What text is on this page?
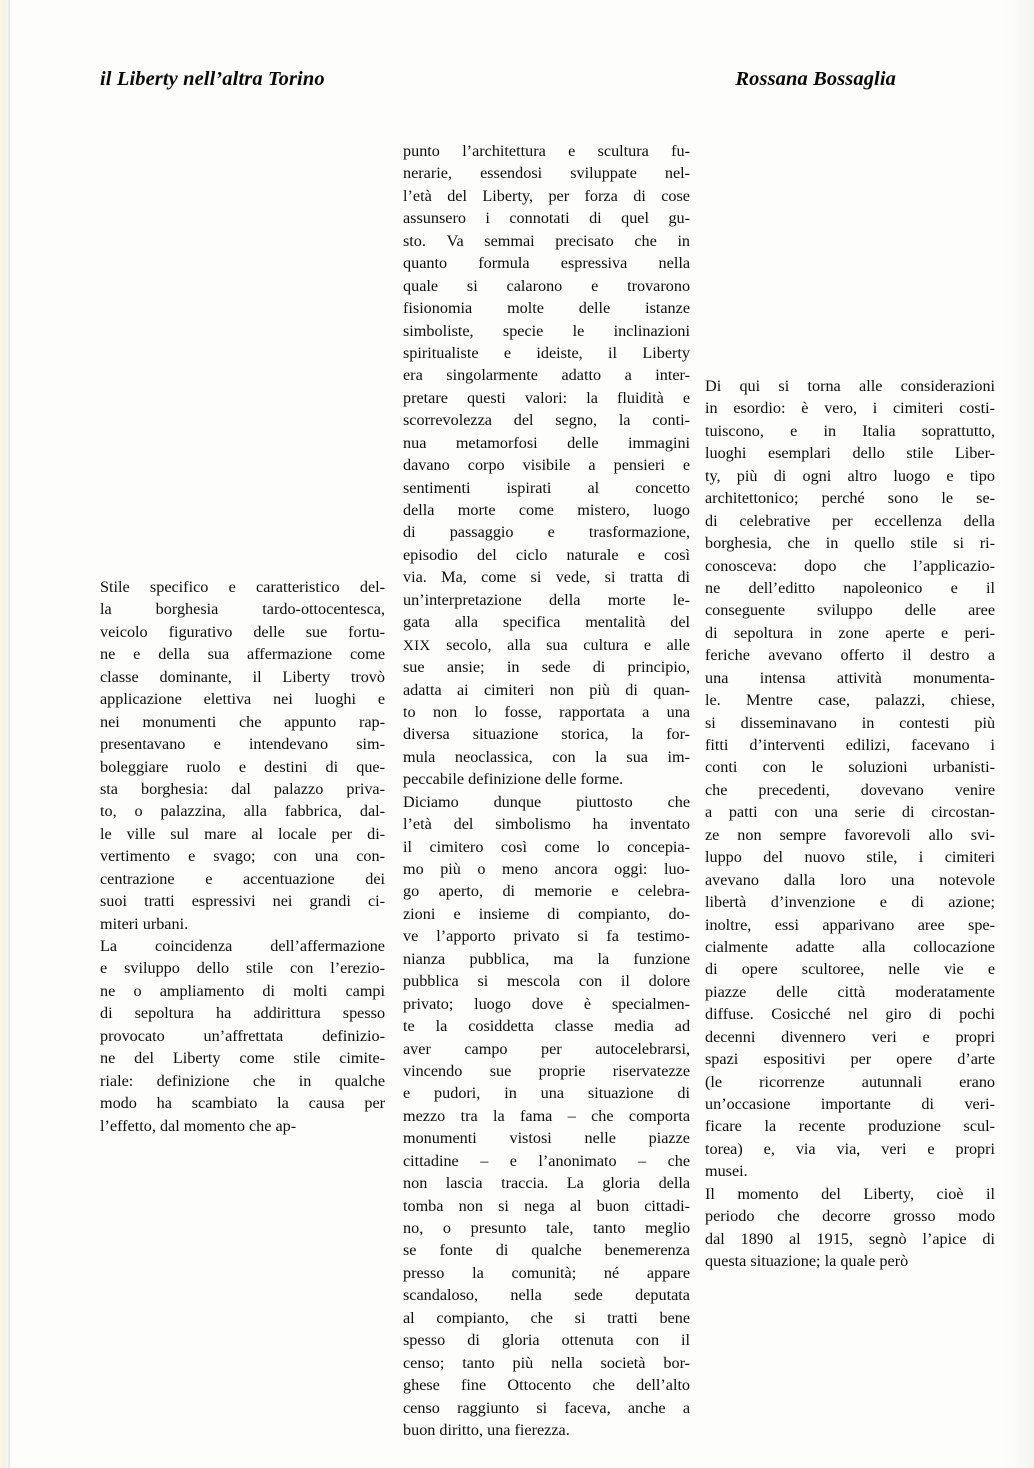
il Liberty nell’altra Torino	Rossana Bossaglia
Stile specifico e caratteristico del-
la	borghesia	tardo-ottocentesca,
veicolo figurativo delle sue fortu-
ne e della sua affermazione come
classe dominante, il Liberty trovò
applicazione elettiva nei luoghi e
nei monumenti che appunto rap-
presentavano e intendevano sim-
boleggiare ruolo e destini di que-
sta borghesia: dal palazzo priva-
to, o palazzina, alla fabbrica, dal-
le ville sul mare al locale per di-
vertimento e svago; con una con-
centrazione e accentuazione dei
suoi tratti espressivi nei grandi ci-
miteri urbani.
La coincidenza dell’affermazione
e sviluppo dello stile con l’erezio-
ne o ampliamento di molti campi
di sepoltura ha addirittura spesso
provocato un’affrettata definizio-
ne del Liberty come stile cimite-
riale: definizione che in qualche
modo ha scambiato la causa per
l’effetto, dal momento che ap-
punto l’architettura e scultura fu-
nerarie, essendosi sviluppate nel-
l’età del Liberty, per forza di cose
assunsero i connotati di quel gu-
sto. Va semmai precisato che in
quanto formula espressiva nella
quale si calarono e trovarono
fisionomia molte delle istanze
simboliste, specie le inclinazioni
spiritualiste e ideiste, il Liberty
era singolarmente adatto a inter-
pretare questi valori: la fluidità e
scorrevolezza del segno, la conti-
nua metamorfosi delle immagini
davano corpo visibile a pensieri e
sentimenti ispirati al concetto
della morte come mistero, luogo
di passaggio e trasformazione,
episodio del ciclo naturale e così
via. Ma, come si vede, si tratta di
un’interpretazione della morte le-
gata alla specifica mentalità del
XIX secolo, alla sua cultura e alle
sue ansie; in sede di principio,
adatta ai cimiteri non più di quan-
to non lo fosse, rapportata a una
diversa situazione storica, la for-
mula neoclassica, con la sua im-
peccabile definizione delle forme.
Diciamo dunque piuttosto che
l’età del simbolismo ha inventato
il cimitero così come lo concepia-
mo più o meno ancora oggi: luo-
go aperto, di memorie e celebra-
zioni e insieme di compianto, do-
ve l’apporto privato si fa testimo-
nianza pubblica, ma la funzione
pubblica si mescola con il dolore
privato; luogo dove è specialmen-
te la cosiddetta classe media ad
aver campo per autocelebrarsi,
vincendo sue proprie riservatezze
e pudori, in una situazione di
mezzo tra la fama – che comporta
monumenti vistosi nelle piazze
cittadine – e l’anonimato – che
non lascia traccia. La gloria della
tomba non si nega al buon cittadi-
no, o presunto tale, tanto meglio
se fonte di qualche benemerenza
presso la comunità; né appare
scandaloso, nella sede deputata
al compianto, che si tratti bene
spesso di gloria ottenuta con il
censo; tanto più nella società bor-
ghese fine Ottocento che dell’alto
censo raggiunto si faceva, anche a
buon diritto, una fierezza.
Di qui si torna alle considerazioni
in esordio: è vero, i cimiteri costi-
tuiscono, e in Italia soprattutto,
luoghi esemplari dello stile Liber-
ty, più di ogni altro luogo e tipo
architettonico; perché sono le se-
di celebrative per eccellenza della
borghesia, che in quello stile si ri-
conosceva: dopo che l’applicazio-
ne dell’editto napoleonico e il
conseguente sviluppo delle aree
di sepoltura in zone aperte e peri-
feriche avevano offerto il destro a
una intensa attività monumenta-
le. Mentre case, palazzi, chiese,
si disseminavano in contesti più
fitti d’interventi edilizi, facevano i
conti con le soluzioni urbanisti-
che precedenti, dovevano venire
a patti con una serie di circostan-
ze non sempre favorevoli allo svi-
luppo del nuovo stile, i cimiteri
avevano dalla loro una notevole
libertà d’invenzione e di azione;
inoltre, essi apparivano aree spe-
cialmente adatte alla collocazione
di opere scultoree, nelle vie e
piazze delle città moderatamente
diffuse. Cosicché nel giro di pochi
decenni divennero veri e propri
spazi espositivi per opere d’arte
(le ricorrenze autunnali erano
un’occasione importante di veri-
ficare la recente produzione scul-
torea) e, via via, veri e propri
musei.
Il momento del Liberty, cioè il
periodo che decorre grosso modo
dal 1890 al 1915, segnò l’apice di
questa situazione; la quale però
